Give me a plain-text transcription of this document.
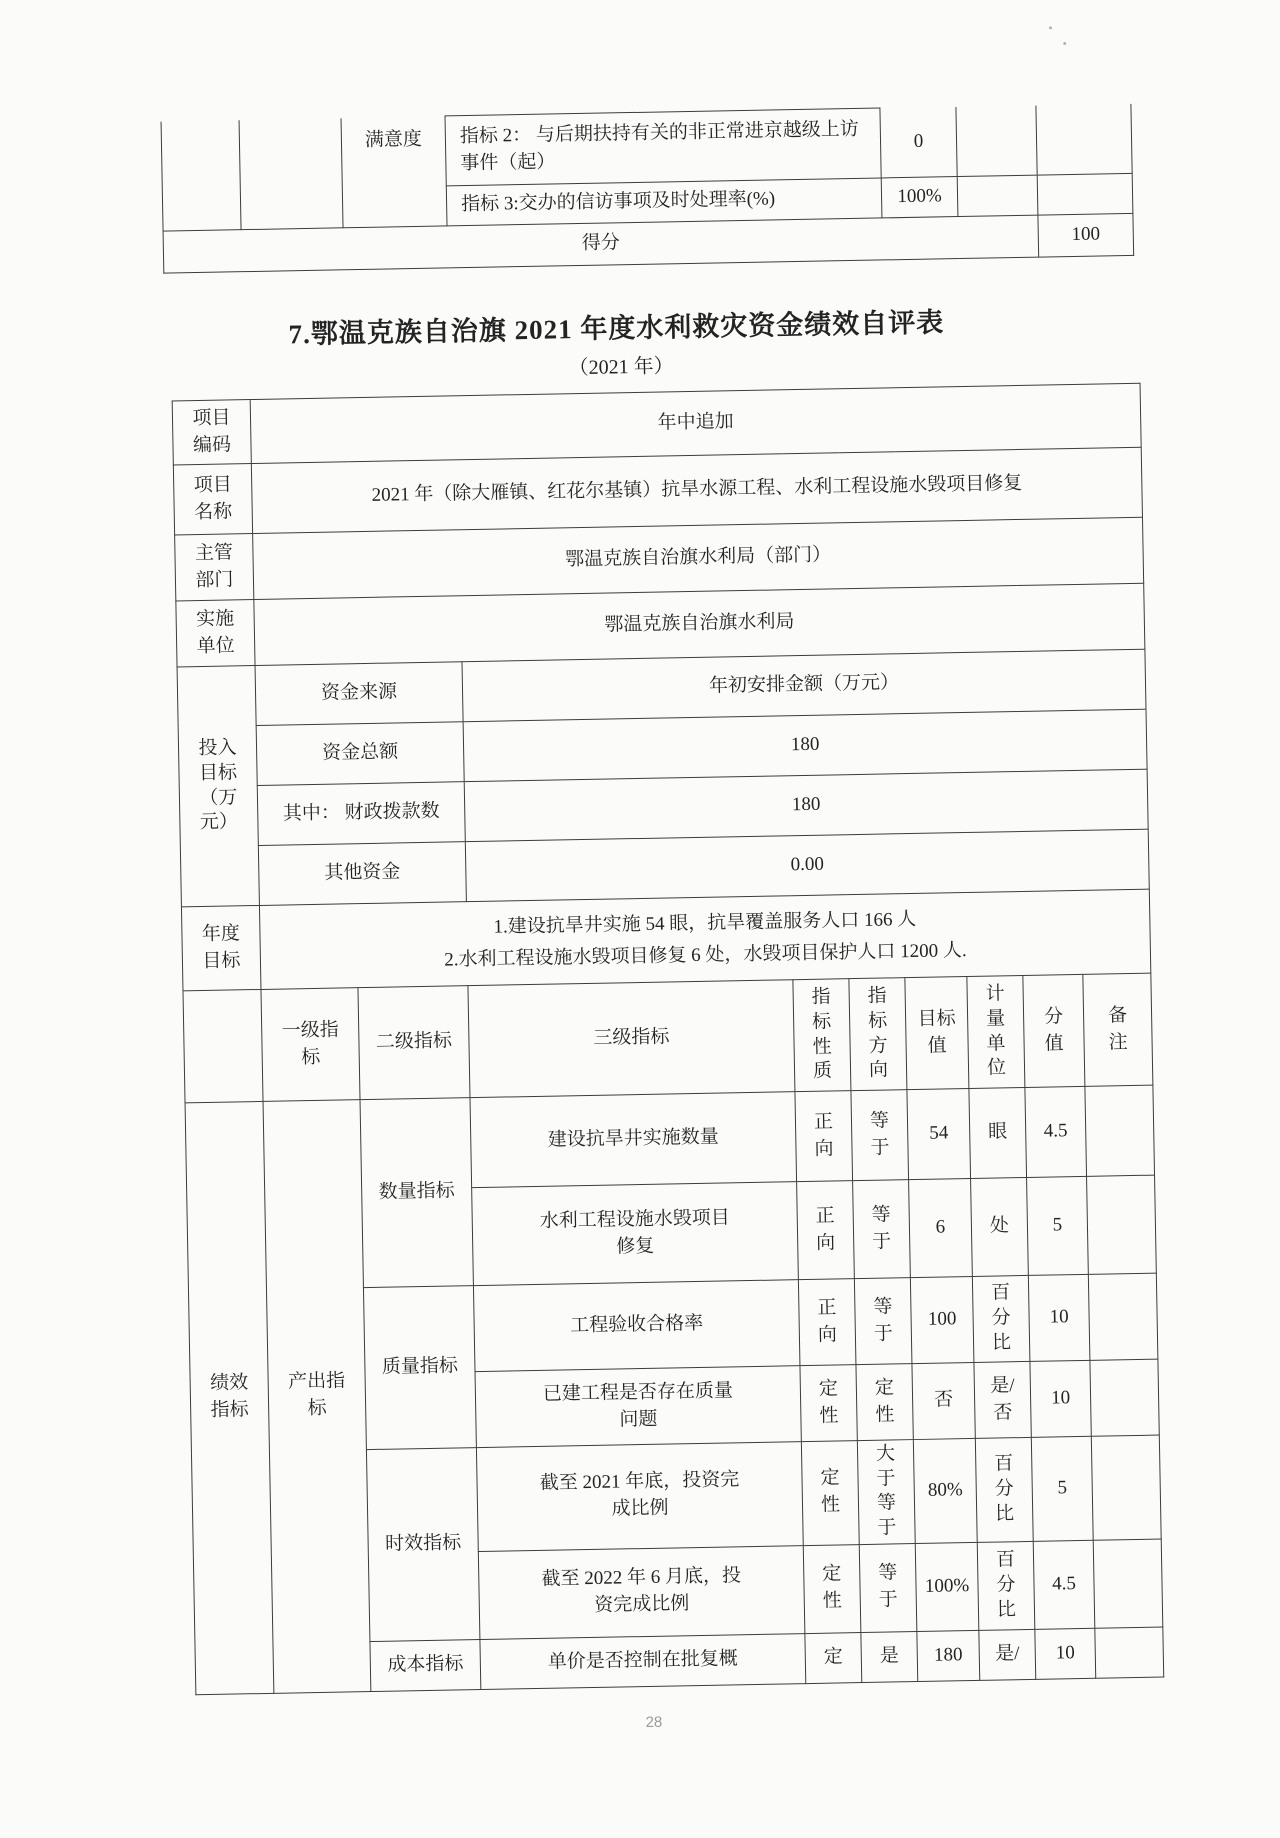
		满意度	指标 2： 与后期扶持有关的非正常进京越级上访事件（起）	0		
			指标 3:交办的信访事项及时处理率(%)	100%		
得分						100
7.鄂温克族自治旗 2021 年度水利救灾资金绩效自评表
（2021 年）
项目
编码	年中追加								
项目
名称	2021 年（除大雁镇、红花尔基镇）抗旱水源工程、水利工程设施水毁项目修复								
主管
部门	鄂温克族自治旗水利局（部门）								
实施
单位	鄂温克族自治旗水利局								
投入
目标
（万
元）	资金来源		年初安排金额（万元）						
	资金总额		180						
	其中： 财政拨款数		180						
	其他资金		0.00						
年度
目标	1.建设抗旱井实施 54 眼，抗旱覆盖服务人口 166 人
2.水利工程设施水毁项目修复 6 处，水毁项目保护人口 1200 人.								
	一级指
标	二级指标	三级指标	指
标
性
质	指
标
方
向	目标
值	计
量
单
位	分
值	备
注
绩效
指标	产出指
标	数量指标	建设抗旱井实施数量	正
向	等
于	54	眼	4.5	
			水利工程设施水毁项目
修复	正
向	等
于	6	处	5	
		质量指标	工程验收合格率	正
向	等
于	100	百
分
比	10	
			已建工程是否存在质量
问题	定
性	定
性	否	是/
否	10	
		时效指标	截至 2021 年底，投资完
成比例	定
性	大
于
等
于	80%	百
分
比	5	
			截至 2022 年 6 月底，投
资完成比例	定
性	等
于	100%	百
分
比	4.5	
		成本指标	单价是否控制在批复概	定	是	180	是/	10	
28
